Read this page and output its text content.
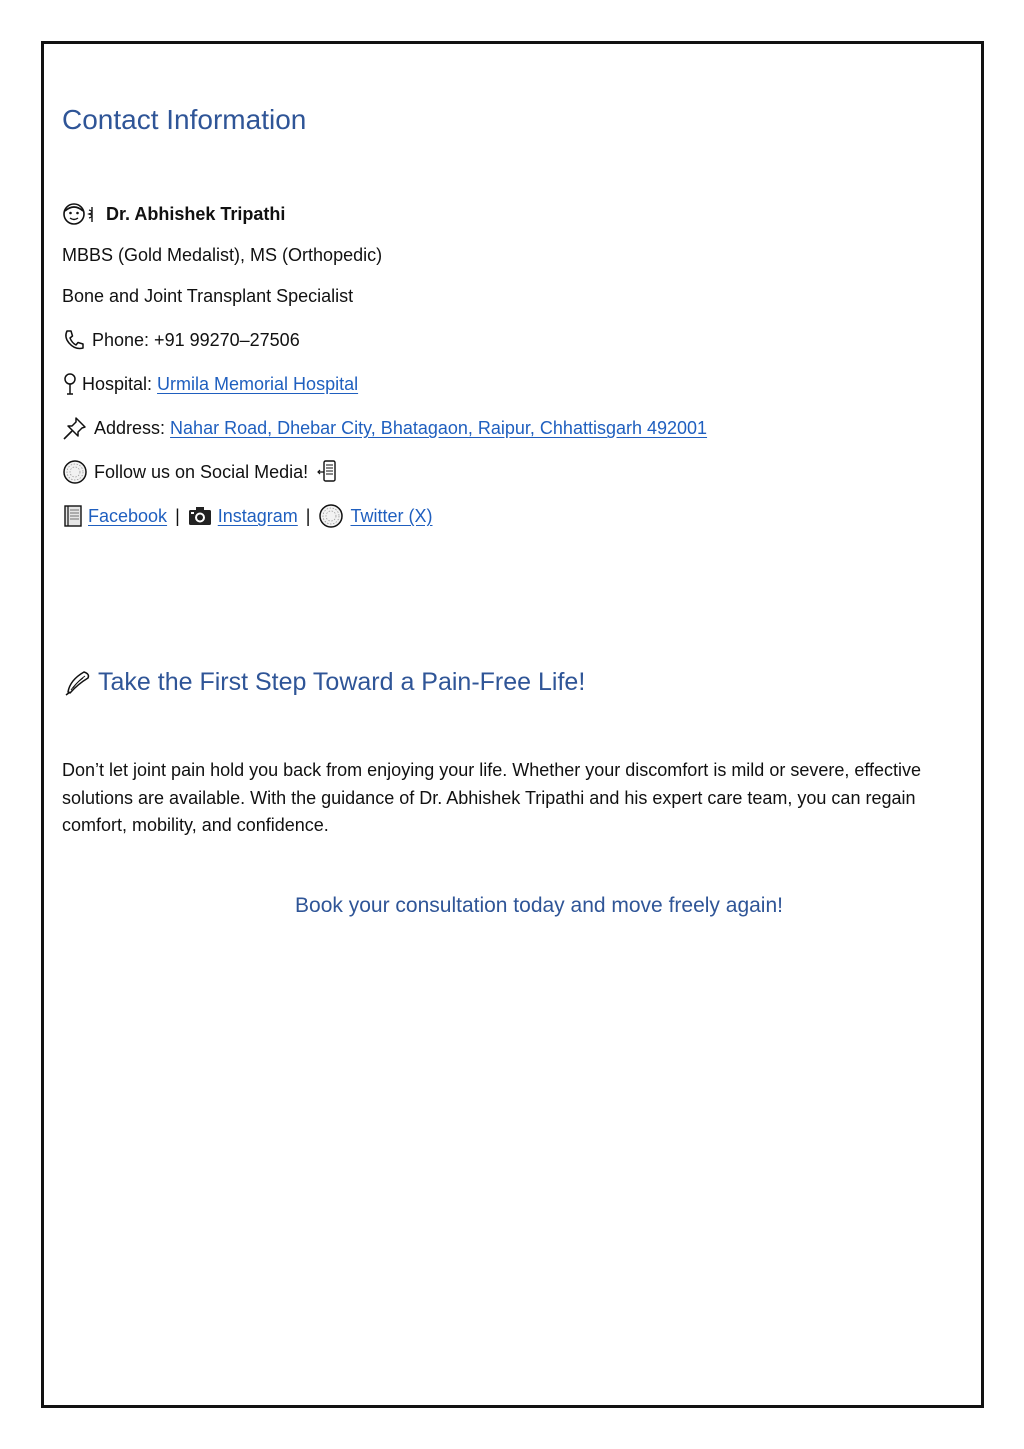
Contact Information
Dr. Abhishek Tripathi
MBBS (Gold Medalist), MS (Orthopedic)
Bone and Joint Transplant Specialist
Phone: +91 99270–27506
Hospital: Urmila Memorial Hospital
Address: Nahar Road, Dhebar City, Bhatagaon, Raipur, Chhattisgarh 492001
Follow us on Social Media!
Facebook | Instagram | Twitter (X)
Take the First Step Toward a Pain-Free Life!
Don’t let joint pain hold you back from enjoying your life. Whether your discomfort is mild or severe, effective solutions are available. With the guidance of Dr. Abhishek Tripathi and his expert care team, you can regain comfort, mobility, and confidence.
Book your consultation today and move freely again!
